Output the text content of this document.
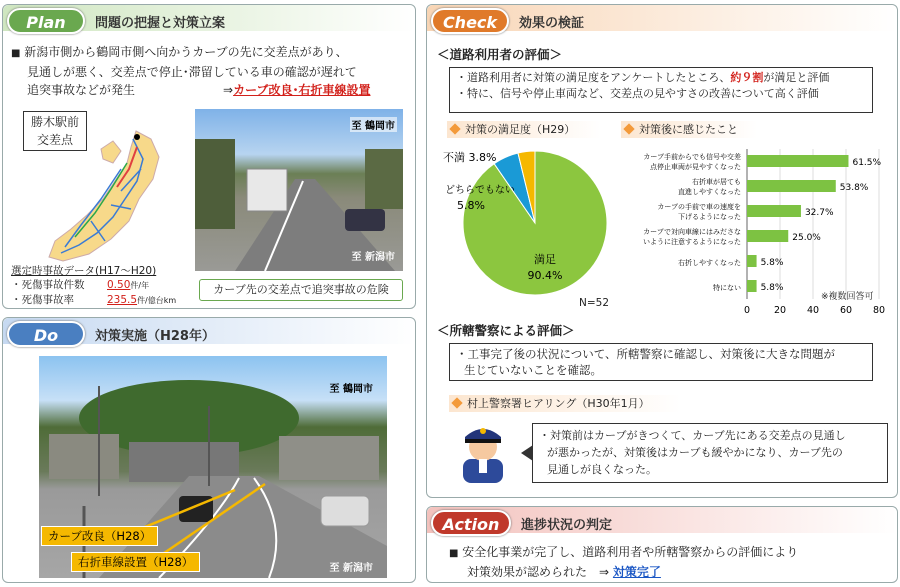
Plan	問題の把握と対策立案
■ 新潟市側から鶴岡市側へ向かうカーブの先に交差点があり、
見通しが悪く、交差点で停止･滞留している車の確認が遅れて
追突事故などが発生	⇒カーブ改良･右折車線設置
勝木駅前
交差点
選定時事故データ(H17～H20)
・死傷事故件数 0.50件/年
・死傷事故率	235.5件/億台km
至 鶴岡市
至 新潟市
カーブ先の交差点で追突事故の危険
Do	対策実施（H28年）
至 鶴岡市
至 新潟市
カーブ改良（H28）
右折車線設置（H28）
Check	効果の検証
＜道路利用者の評価＞
・道路利用者に対策の満足度をアンケートしたところ、約９割が満足と評価
・特に、信号や停止車両など、交差点の見やすさの改善について高く評価
対策の満足度（H29）	対策後に感じたこと
満足
90.4%
不満 3.8%
どちらでもない
5.8%
N=52
0	20 40 60 80
61.5%
カーブ手前からでも信号や交差
点停止車両が見やすくなった
53.8%
右折車が居ても
直進しやすくなった
32.7%
カーブの手前で車の速度を
下げるようになった
25.0%
カーブで対向車線にはみださな
いように注意するようになった
5.8%
右折しやすくなった
5.8%
特にない
※複数回答可
＜所轄警察による評価＞
・工事完了後の状況について、所轄警察に確認し、対策後に大きな問題が
生じていないことを確認。
村上警察署ヒアリング（H30年1月）
・対策前はカーブがきつくて、カーブ先にある交差点の見通し
が悪かったが、対策後はカーブも緩やかになり、カーブ先の
見通しが良くなった。
Action	進捗状況の判定
■ 安全化事業が完了し、道路利用者や所轄警察からの評価により
対策効果が認められた　 ⇒ 対策完了
